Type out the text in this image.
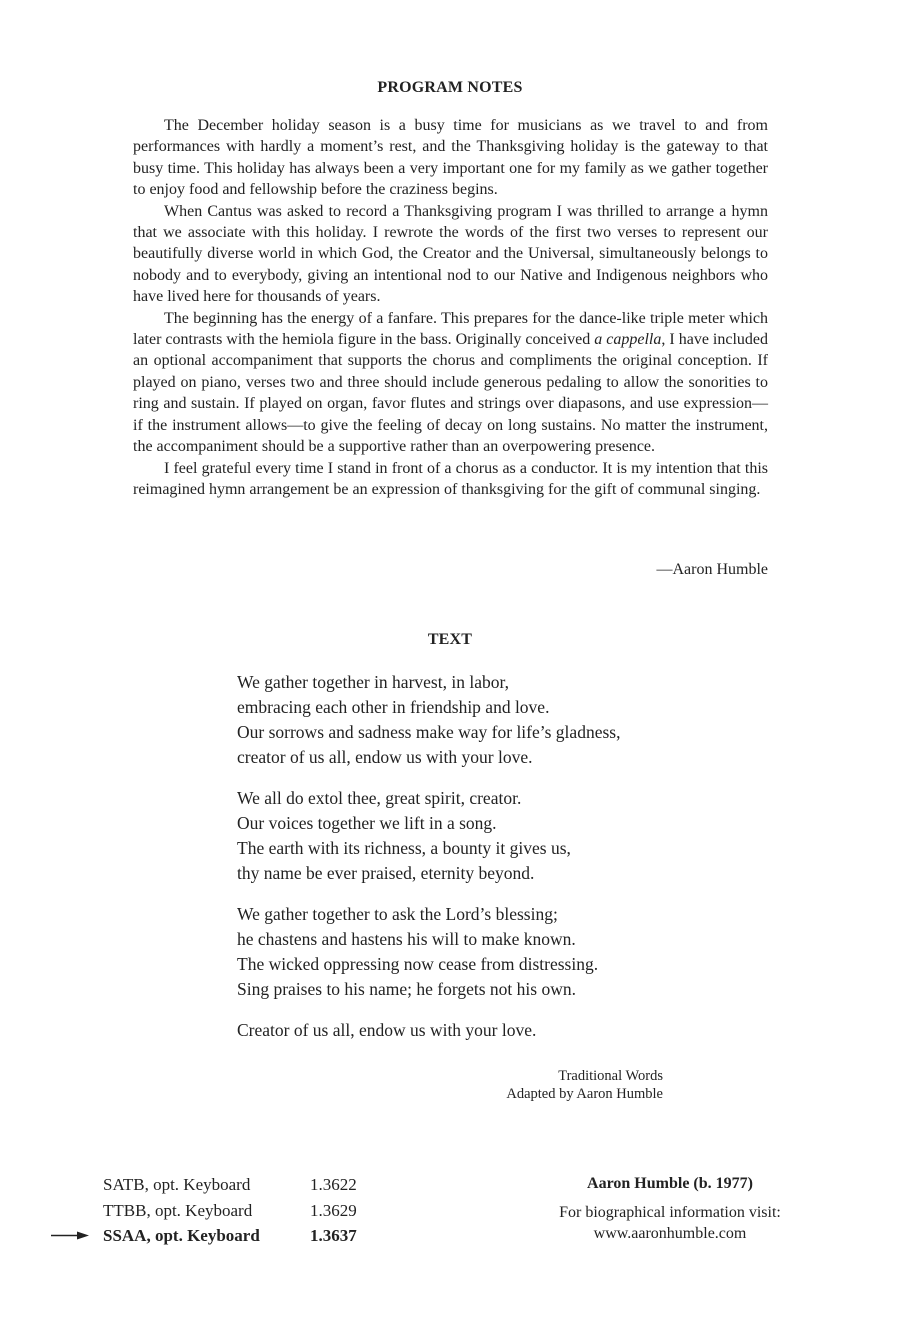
PROGRAM NOTES

The December holiday season is a busy time for musicians as we travel to and from performances with hardly a moment’s rest, and the Thanksgiving holiday is the gateway to that busy time. This holiday has always been a very important one for my family as we gather together to enjoy food and fellowship before the craziness begins.

When Cantus was asked to record a Thanksgiving program I was thrilled to arrange a hymn that we associate with this holiday. I rewrote the words of the first two verses to represent our beautifully diverse world in which God, the Creator and the Universal, simultaneously belongs to nobody and to everybody, giving an intentional nod to our Native and Indigenous neighbors who have lived here for thousands of years.

The beginning has the energy of a fanfare. This prepares for the dance-like triple meter which later contrasts with the hemiola figure in the bass. Originally conceived a cappella, I have included an optional accompaniment that supports the chorus and compliments the original conception. If played on piano, verses two and three should include generous pedaling to allow the sonorities to ring and sustain. If played on organ, favor flutes and strings over diapasons, and use expression—if the instrument allows—to give the feeling of decay on long sustains. No matter the instrument, the accompaniment should be a supportive rather than an overpowering presence.

I feel grateful every time I stand in front of a chorus as a conductor. It is my intention that this reimagined hymn arrangement be an expression of thanksgiving for the gift of communal singing.

—Aaron Humble
TEXT
We gather together in harvest, in labor,
embracing each other in friendship and love.
Our sorrows and sadness make way for life’s gladness,
creator of us all, endow us with your love.
We all do extol thee, great spirit, creator.
Our voices together we lift in a song.
The earth with its richness, a bounty it gives us,
thy name be ever praised, eternity beyond.
We gather together to ask the Lord’s blessing;
he chastens and hastens his will to make known.
The wicked oppressing now cease from distressing.
Sing praises to his name; he forgets not his own.
Creator of us all, endow us with your love.
Traditional Words
Adapted by Aaron Humble
SATB, opt. Keyboard	1.3622
TTBB, opt. Keyboard	1.3629
SSAA, opt. Keyboard	1.3637
Aaron Humble (b. 1977)
For biographical information visit:
www.aaronhumble.com
